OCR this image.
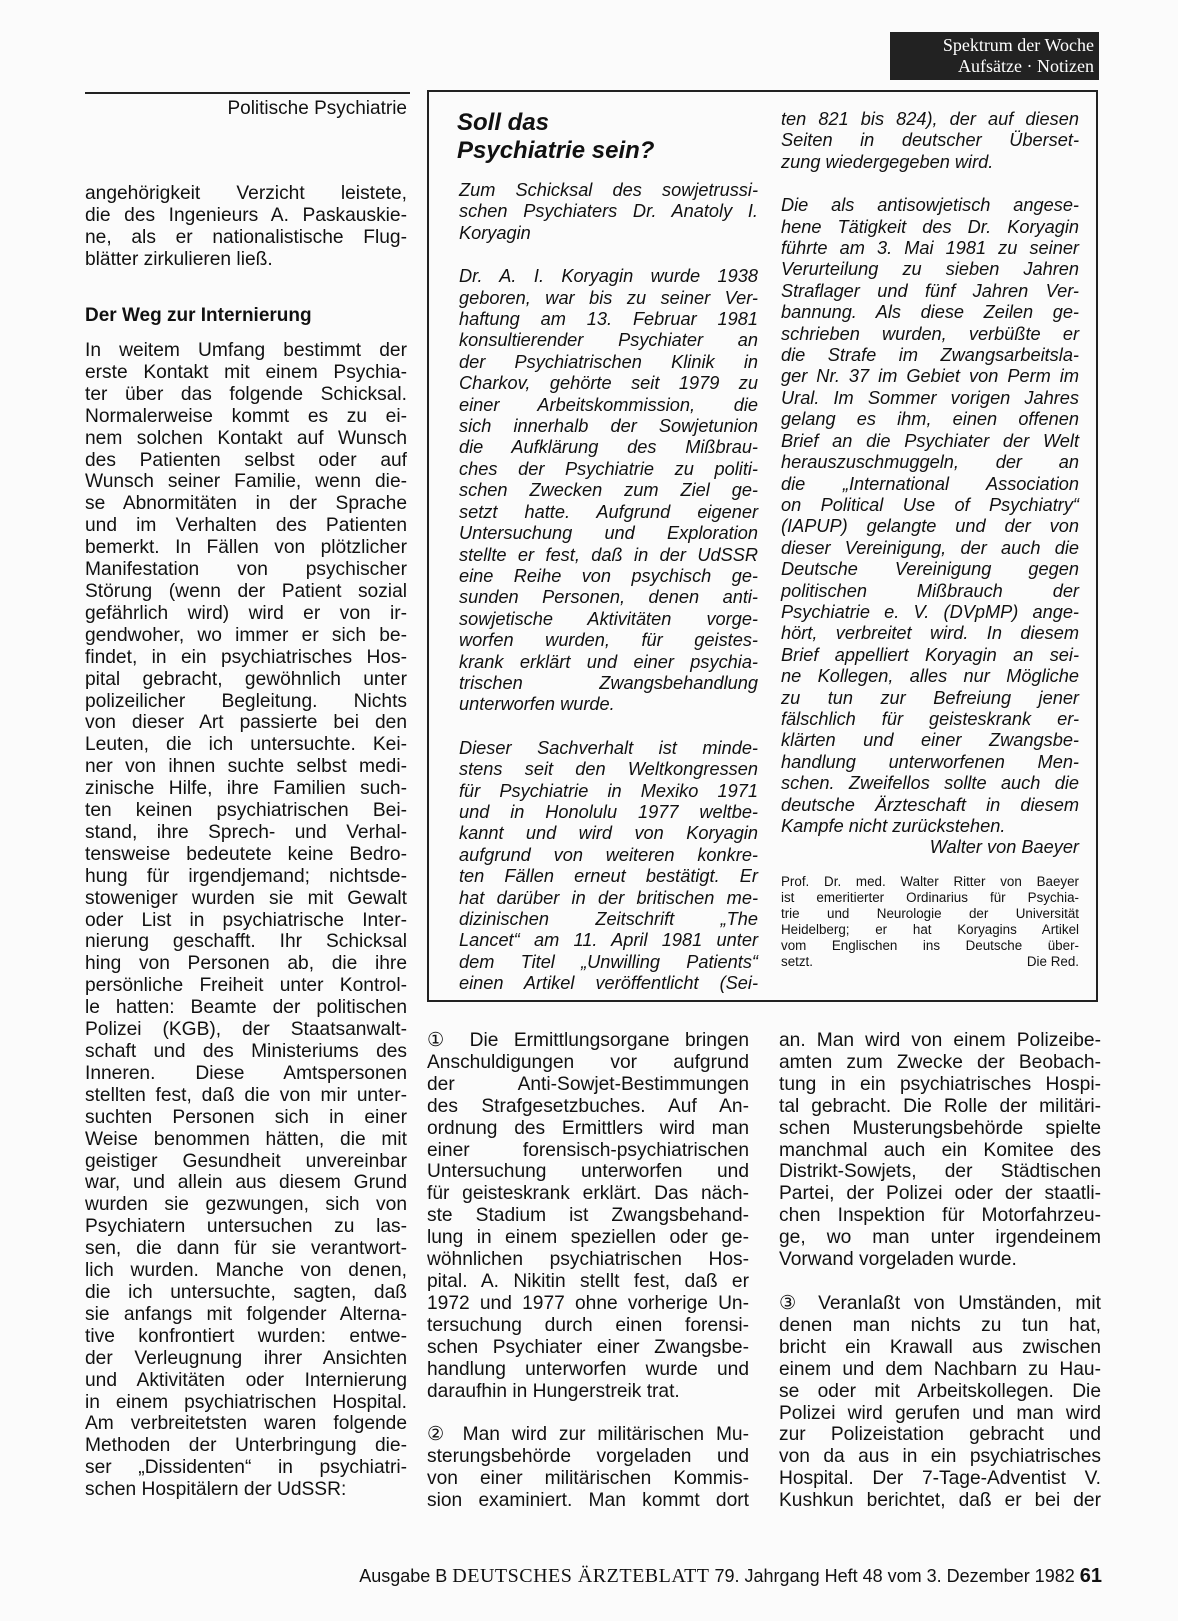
Spektrum der Woche
Aufsätze · Notizen
Politische Psychiatrie
angehörigkeit Verzicht leistete,
die des Ingenieurs A. Paskauskie-
ne, als er nationalistische Flug-
blätter zirkulieren ließ.
Der Weg zur Internierung
In weitem Umfang bestimmt der
erste Kontakt mit einem Psychia-
ter über das folgende Schicksal.
Normalerweise kommt es zu ei-
nem solchen Kontakt auf Wunsch
des Patienten selbst oder auf
Wunsch seiner Familie, wenn die-
se Abnormitäten in der Sprache
und im Verhalten des Patienten
bemerkt. In Fällen von plötzlicher
Manifestation von psychischer
Störung (wenn der Patient sozial
gefährlich wird) wird er von ir-
gendwoher, wo immer er sich be-
findet, in ein psychiatrisches Hos-
pital gebracht, gewöhnlich unter
polizeilicher Begleitung. Nichts
von dieser Art passierte bei den
Leuten, die ich untersuchte. Kei-
ner von ihnen suchte selbst medi-
zinische Hilfe, ihre Familien such-
ten keinen psychiatrischen Bei-
stand, ihre Sprech- und Verhal-
tensweise bedeutete keine Bedro-
hung für irgendjemand; nichtsde-
stoweniger wurden sie mit Gewalt
oder List in psychiatrische Inter-
nierung geschafft. Ihr Schicksal
hing von Personen ab, die ihre
persönliche Freiheit unter Kontrol-
le hatten: Beamte der politischen
Polizei (KGB), der Staatsanwalt-
schaft und des Ministeriums des
Inneren. Diese Amtspersonen
stellten fest, daß die von mir unter-
suchten Personen sich in einer
Weise benommen hätten, die mit
geistiger Gesundheit unvereinbar
war, und allein aus diesem Grund
wurden sie gezwungen, sich von
Psychiatern untersuchen zu las-
sen, die dann für sie verantwort-
lich wurden. Manche von denen,
die ich untersuchte, sagten, daß
sie anfangs mit folgender Alterna-
tive konfrontiert wurden: entwe-
der Verleugnung ihrer Ansichten
und Aktivitäten oder Internierung
in einem psychiatrischen Hospital.
Am verbreitetsten waren folgende
Methoden der Unterbringung die-
ser „Dissidenten“ in psychiatri-
schen Hospitälern der UdSSR:
Soll das
Psychiatrie sein?
Zum Schicksal des sowjetrussi-
schen Psychiaters Dr. Anatoly I.
Koryagin
Dr. A. I. Koryagin wurde 1938
geboren, war bis zu seiner Ver-
haftung am 13. Februar 1981
konsultierender Psychiater an
der Psychiatrischen Klinik in
Charkov, gehörte seit 1979 zu
einer Arbeitskommission, die
sich innerhalb der Sowjetunion
die Aufklärung des Mißbrau-
ches der Psychiatrie zu politi-
schen Zwecken zum Ziel ge-
setzt hatte. Aufgrund eigener
Untersuchung und Exploration
stellte er fest, daß in der UdSSR
eine Reihe von psychisch ge-
sunden Personen, denen anti-
sowjetische Aktivitäten vorge-
worfen wurden, für geistes-
krank erklärt und einer psychia-
trischen Zwangsbehandlung
unterworfen wurde.
Dieser Sachverhalt ist minde-
stens seit den Weltkongressen
für Psychiatrie in Mexiko 1971
und in Honolulu 1977 weltbe-
kannt und wird von Koryagin
aufgrund von weiteren konkre-
ten Fällen erneut bestätigt. Er
hat darüber in der britischen me-
dizinischen Zeitschrift „The
Lancet“ am 11. April 1981 unter
dem Titel „Unwilling Patients“
einen Artikel veröffentlicht (Sei-
ten 821 bis 824), der auf diesen
Seiten in deutscher Überset-
zung wiedergegeben wird.
Die als antisowjetisch angese-
hene Tätigkeit des Dr. Koryagin
führte am 3. Mai 1981 zu seiner
Verurteilung zu sieben Jahren
Straflager und fünf Jahren Ver-
bannung. Als diese Zeilen ge-
schrieben wurden, verbüßte er
die Strafe im Zwangsarbeitsla-
ger Nr. 37 im Gebiet von Perm im
Ural. Im Sommer vorigen Jahres
gelang es ihm, einen offenen
Brief an die Psychiater der Welt
herauszuschmuggeln, der an
die „International Association
on Political Use of Psychiatry“
(IAPUP) gelangte und der von
dieser Vereinigung, der auch die
Deutsche Vereinigung gegen
politischen Mißbrauch der
Psychiatrie e. V. (DVpMP) ange-
hört, verbreitet wird. In diesem
Brief appelliert Koryagin an sei-
ne Kollegen, alles nur Mögliche
zu tun zur Befreiung jener
fälschlich für geisteskrank er-
klärten und einer Zwangsbe-
handlung unterworfenen Men-
schen. Zweifellos sollte auch die
deutsche Ärzteschaft in diesem
Kampfe nicht zurückstehen.
Walter von Baeyer
Prof. Dr. med. Walter Ritter von Baeyer
ist emeritierter Ordinarius für Psychia-
trie und Neurologie der Universität
Heidelberg; er hat Koryagins Artikel
vom Englischen ins Deutsche über-
setzt.	Die Red.
① Die Ermittlungsorgane bringen
Anschuldigungen vor aufgrund
der Anti-Sowjet-Bestimmungen
des Strafgesetzbuches. Auf An-
ordnung des Ermittlers wird man
einer forensisch-psychiatrischen
Untersuchung unterworfen und
für geisteskrank erklärt. Das näch-
ste Stadium ist Zwangsbehand-
lung in einem speziellen oder ge-
wöhnlichen psychiatrischen Hos-
pital. A. Nikitin stellt fest, daß er
1972 und 1977 ohne vorherige Un-
tersuchung durch einen forensi-
schen Psychiater einer Zwangsbe-
handlung unterworfen wurde und
daraufhin in Hungerstreik trat.
② Man wird zur militärischen Mu-
sterungsbehörde vorgeladen und
von einer militärischen Kommis-
sion examiniert. Man kommt dort
an. Man wird von einem Polizeibe-
amten zum Zwecke der Beobach-
tung in ein psychiatrisches Hospi-
tal gebracht. Die Rolle der militäri-
schen Musterungsbehörde spielte
manchmal auch ein Komitee des
Distrikt-Sowjets, der Städtischen
Partei, der Polizei oder der staatli-
chen Inspektion für Motorfahrzeu-
ge, wo man unter irgendeinem
Vorwand vorgeladen wurde.
③ Veranlaßt von Umständen, mit
denen man nichts zu tun hat,
bricht ein Krawall aus zwischen
einem und dem Nachbarn zu Hau-
se oder mit Arbeitskollegen. Die
Polizei wird gerufen und man wird
zur Polizeistation gebracht und
von da aus in ein psychiatrisches
Hospital. Der 7-Tage-Adventist V.
Kushkun berichtet, daß er bei der
Ausgabe B DEUTSCHES ÄRZTEBLATT 79. Jahrgang Heft 48 vom 3. Dezember 1982 61
